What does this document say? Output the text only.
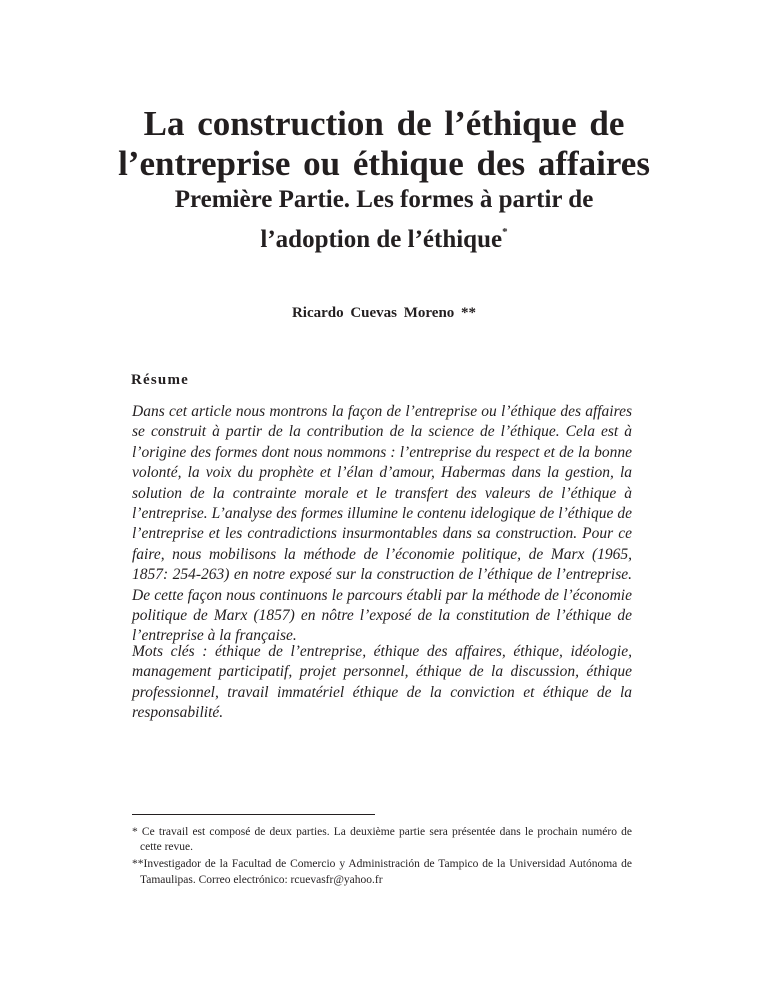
La construction de l’éthique de
l’entreprise ou éthique des affaires
Première Partie. Les formes à partir de
l’adoption de l’éthique*
Ricardo Cuevas Moreno **
Résume

Dans cet article nous montrons la façon de l’entreprise ou l’éthique des affaires se construit à partir de la contribution de la science de l’éthique. Cela est à l’origine des formes dont nous nommons : l’entreprise du respect et de la bonne volonté, la voix du prophète et l’élan d’amour, Habermas dans la gestion, la solution de la contrainte morale et le transfert des valeurs de l’éthique à l’entreprise. L’analyse des formes illumine le contenu idelogique de l’éthique de l’entreprise et les contradictions insurmontables dans sa construction. Pour ce faire, nous mobilisons la méthode de l’économie politique, de Marx (1965, 1857: 254-263) en notre exposé sur la construction de l’éthique de l’entreprise. De cette façon nous continuons le parcours établi par la méthode de l’économie politique de Marx (1857) en nôtre l’exposé de la constitution de l’éthique de l’entreprise à la française.

Mots clés : éthique de l’entreprise, éthique des affaires, éthique, idéologie, management participatif, projet personnel, éthique de la discussion, éthique professionnel, travail immatériel éthique de la conviction et éthique de la responsabilité.

* Ce travail est composé de deux parties. La deuxième partie sera présentée dans le prochain numéro de cette revue.

**Investigador de la Facultad de Comercio y Administración de Tampico de la Universidad Autónoma de Tamaulipas. Correo electrónico: rcuevasfr@yahoo.fr
